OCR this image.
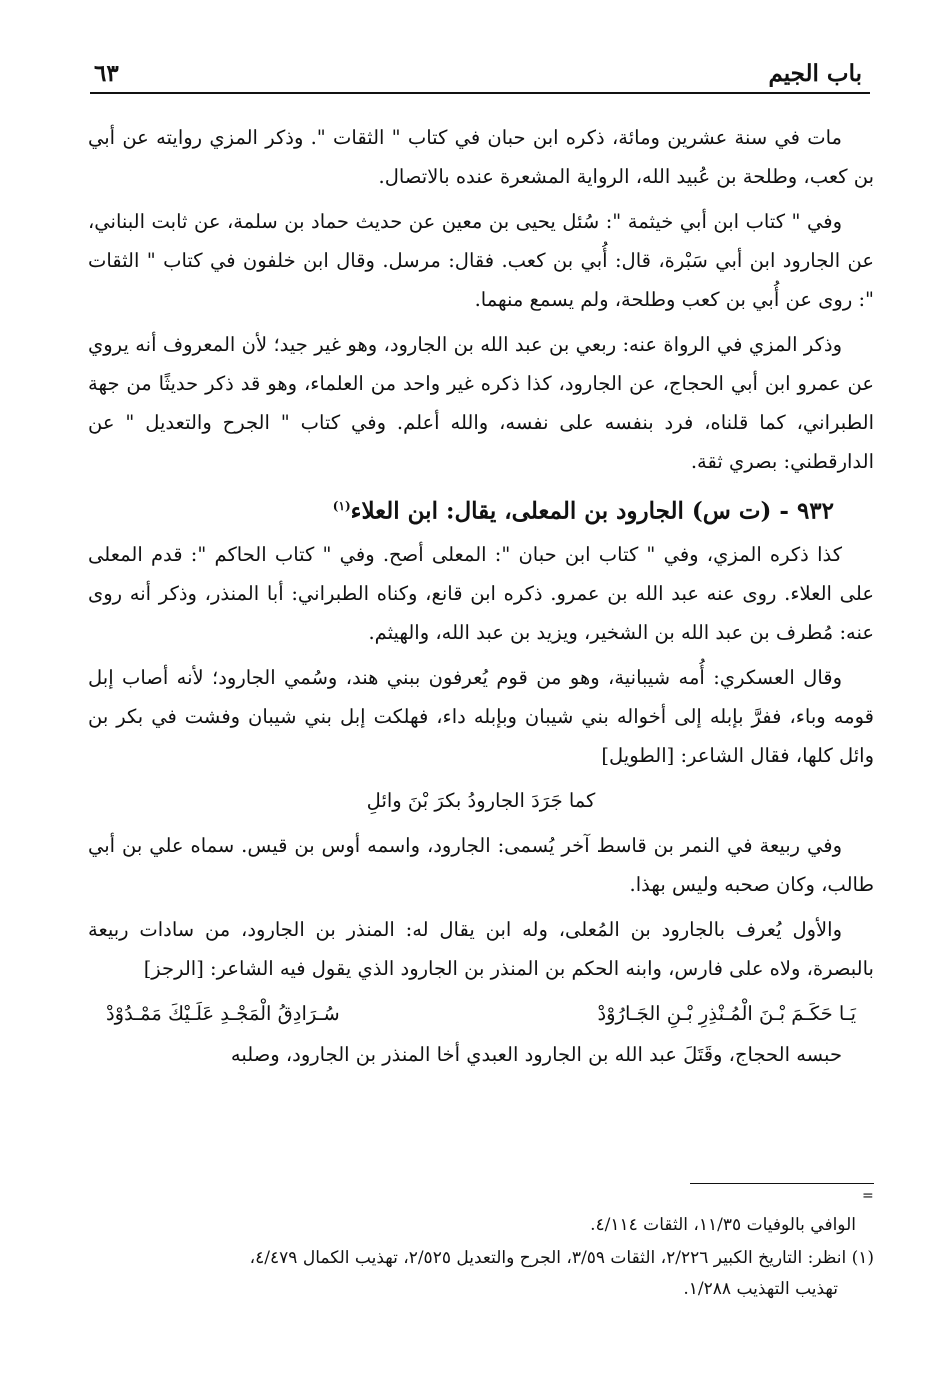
باب الجيم
٦٣

مات في سنة عشرين ومائة، ذكره ابن حبان في كتاب " الثقات ". وذكر المزي روايته عن أبي بن كعب، وطلحة بن عُبيد الله، الرواية المشعرة عنده بالاتصال.

وفي " كتاب ابن أبي خيثمة ": سُئل يحيى بن معين عن حديث حماد بن سلمة، عن ثابت البناني، عن الجارود ابن أبي سَبْرة، قال: أُبي بن كعب. فقال: مرسل. وقال ابن خلفون في كتاب " الثقات ": روى عن أُبي بن كعب وطلحة، ولم يسمع منهما.

وذكر المزي في الرواة عنه: ربعي بن عبد الله بن الجارود، وهو غير جيد؛ لأن المعروف أنه يروي عن عمرو ابن أبي الحجاج، عن الجارود، كذا ذكره غير واحد من العلماء، وهو قد ذكر حديثًا من جهة الطبراني، كما قلناه، فرد بنفسه على نفسه، والله أعلم. وفي كتاب " الجرح والتعديل " عن الدارقطني: بصري ثقة.

٩٣٢ - (ت س) الجارود بن المعلى، يقال: ابن العلاء$^{(١)}$

كذا ذكره المزي، وفي " كتاب ابن حبان ": المعلى أصح. وفي " كتاب الحاكم ": قدم المعلى على العلاء. روى عنه عبد الله بن عمرو. ذكره ابن قانع، وكناه الطبراني: أبا المنذر، وذكر أنه روى عنه: مُطرف بن عبد الله بن الشخير، ويزيد بن عبد الله، والهيثم.

وقال العسكري: أُمه شيبانية، وهو من قوم يُعرفون ببني هند، وسُمي الجارود؛ لأنه أصاب إبل قومه وباء، ففرَّ بإبله إلى أخواله بني شيبان وبإبله داء، فهلكت إبل بني شيبان وفشت في بكر بن وائل كلها، فقال الشاعر: [الطويل]

كما جَرَدَ الجارودُ بكرَ بْنَ وائلِ

وفي ربيعة في النمر بن قاسط آخر يُسمى: الجارود، واسمه أوس بن قيس. سماه علي بن أبي طالب، وكان صحبه وليس بهذا.

والأول يُعرف بالجارود بن المُعلى، وله ابن يقال له: المنذر بن الجارود، من سادات ربيعة بالبصرة، ولاه على فارس، وابنه الحكم بن المنذر بن الجارود الذي يقول فيه الشاعر: [الرجز]

يَـا حَكَـمَ بْـنَ الْمُـنْذِرِ بْـنِ الجَـارُوْدْ
سُـرَادِقُ الْمَجْـدِ عَلَـيْكَ مَمْـدُوْدْ

حبسه الحجاج، وقَتَلَ عبد الله بن الجارود العبدي أخا المنذر بن الجارود، وصلبه

=

الوافي بالوفيات ١١/٣٥، الثقات ٤/١١٤.

(١) انظر: التاريخ الكبير ٢/٢٢٦، الثقات ٣/٥٩، الجرح والتعديل ٢/٥٢٥، تهذيب الكمال ٤/٤٧٩،
تهذيب التهذيب ١/٢٨٨.
